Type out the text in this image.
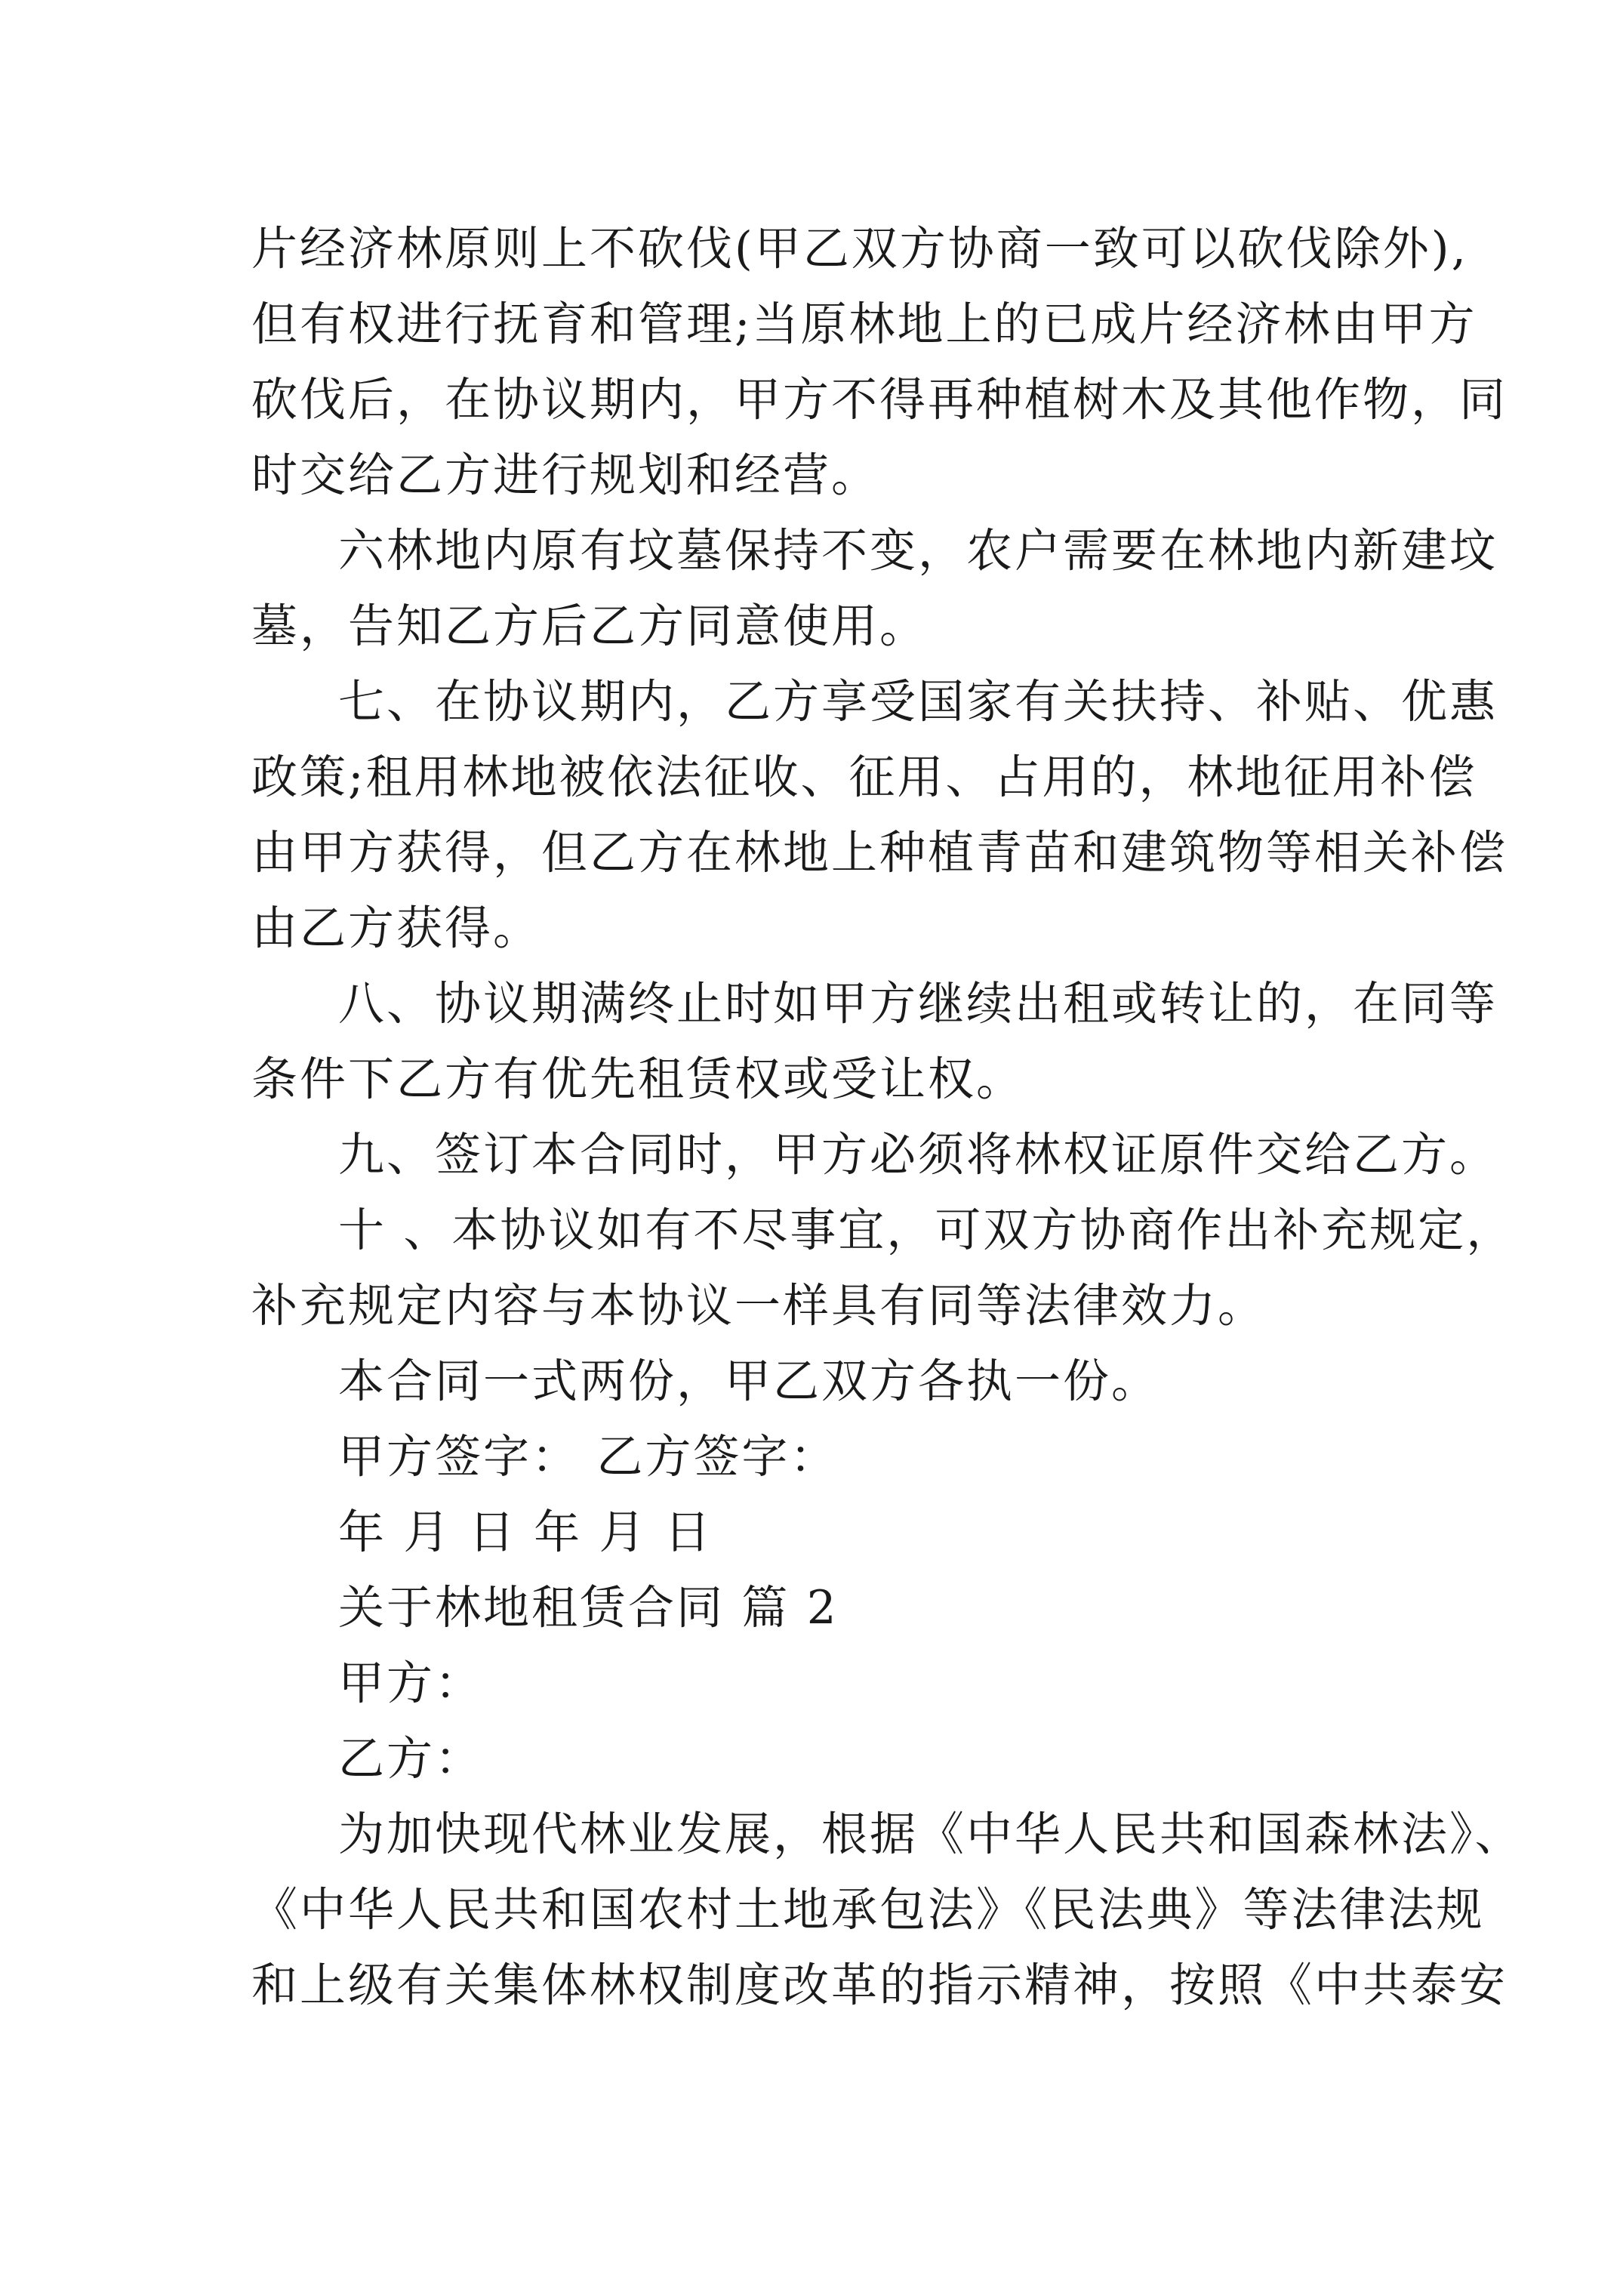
片经济林原则上不砍伐(甲乙双方协商一致可以砍伐除外),
但有权进行抚育和管理;当原林地上的已成片经济林由甲方
砍伐后，在协议期内，甲方不得再种植树木及其他作物，同
时交给乙方进行规划和经营。
六林地内原有坟墓保持不变，农户需要在林地内新建坟
墓，告知乙方后乙方同意使用。
七、在协议期内，乙方享受国家有关扶持、补贴、优惠
政策;租用林地被依法征收、征用、占用的，林地征用补偿
由甲方获得，但乙方在林地上种植青苗和建筑物等相关补偿
由乙方获得。
八、协议期满终止时如甲方继续出租或转让的，在同等
条件下乙方有优先租赁权或受让权。
九、签订本合同时，甲方必须将林权证原件交给乙方。
十 、本协议如有不尽事宜，可双方协商作出补充规定，
补充规定内容与本协议一样具有同等法律效力。
本合同一式两份，甲乙双方各执一份。
甲方签字： 乙方签字：
年 月 日 年 月 日
关于林地租赁合同 篇 2
甲方：
乙方：
为加快现代林业发展，根据《中华人民共和国森林法》、
《中华人民共和国农村土地承包法》《民法典》等法律法规
和上级有关集体林权制度改革的指示精神，按照《中共泰安
